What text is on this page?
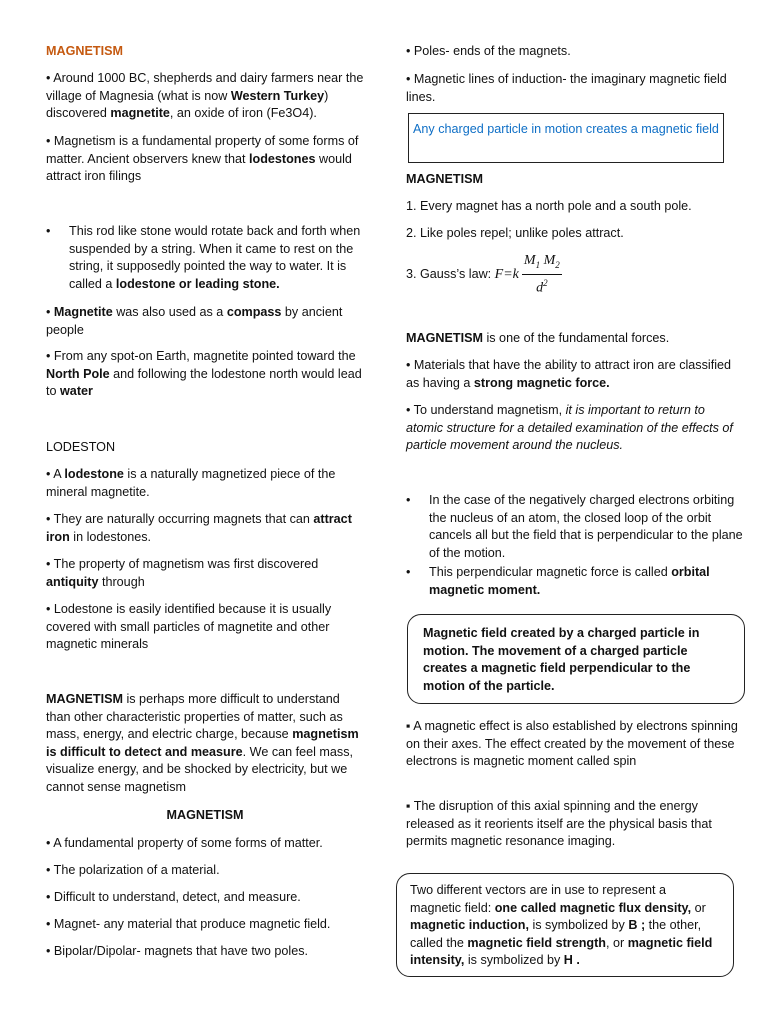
MAGNETISM
• Around 1000 BC, shepherds and dairy farmers near the village of Magnesia (what is now Western Turkey) discovered magnetite, an oxide of iron (Fe3O4).
• Magnetism is a fundamental property of some forms of matter. Ancient observers knew that lodestones would attract iron filings
• This rod like stone would rotate back and forth when suspended by a string. When it came to rest on the string, it supposedly pointed the way to water. It is called a lodestone or leading stone.
• Magnetite was also used as a compass by ancient people
• From any spot-on Earth, magnetite pointed toward the North Pole and following the lodestone north would lead to water
LODESTON
• A lodestone is a naturally magnetized piece of the mineral magnetite.
• They are naturally occurring magnets that can attract iron in lodestones.
• The property of magnetism was first discovered antiquity through
• Lodestone is easily identified because it is usually covered with small particles of magnetite and other magnetic minerals
MAGNETISM is perhaps more difficult to understand than other characteristic properties of matter, such as mass, energy, and electric charge, because magnetism is difficult to detect and measure. We can feel mass, visualize energy, and be shocked by electricity, but we cannot sense magnetism
MAGNETISM
• A fundamental property of some forms of matter.
• The polarization of a material.
• Difficult to understand, detect, and measure.
• Magnet- any material that produce magnetic field.
• Bipolar/Dipolar- magnets that have two poles.
• Poles- ends of the magnets.
• Magnetic lines of induction- the imaginary magnetic field lines.
Any charged particle in motion creates a magnetic field
MAGNETISM
1. Every magnet has a north pole and a south pole.
2. Like poles repel; unlike poles attract.
3. Gauss’s law: $F=k \frac{M_1 M_2}{d^2}$
MAGNETISM is one of the fundamental forces.
• Materials that have the ability to attract iron are classified as having a strong magnetic force.
• To understand magnetism, it is important to return to atomic structure for a detailed examination of the effects of particle movement around the nucleus.
• In the case of the negatively charged electrons orbiting the nucleus of an atom, the closed loop of the orbit cancels all but the field that is perpendicular to the plane of the motion.
• This perpendicular magnetic force is called orbital magnetic moment.
Magnetic field created by a charged particle in motion. The movement of a charged particle creates a magnetic field perpendicular to the motion of the particle.
▪ A magnetic effect is also established by electrons spinning on their axes. The effect created by the movement of these electrons is magnetic moment called spin
▪ The disruption of this axial spinning and the energy released as it reorients itself are the physical basis that permits magnetic resonance imaging.
Two different vectors are in use to represent a magnetic field: one called magnetic flux density, or magnetic induction, is symbolized by B ; the other, called the magnetic field strength, or magnetic field intensity, is symbolized by H .
